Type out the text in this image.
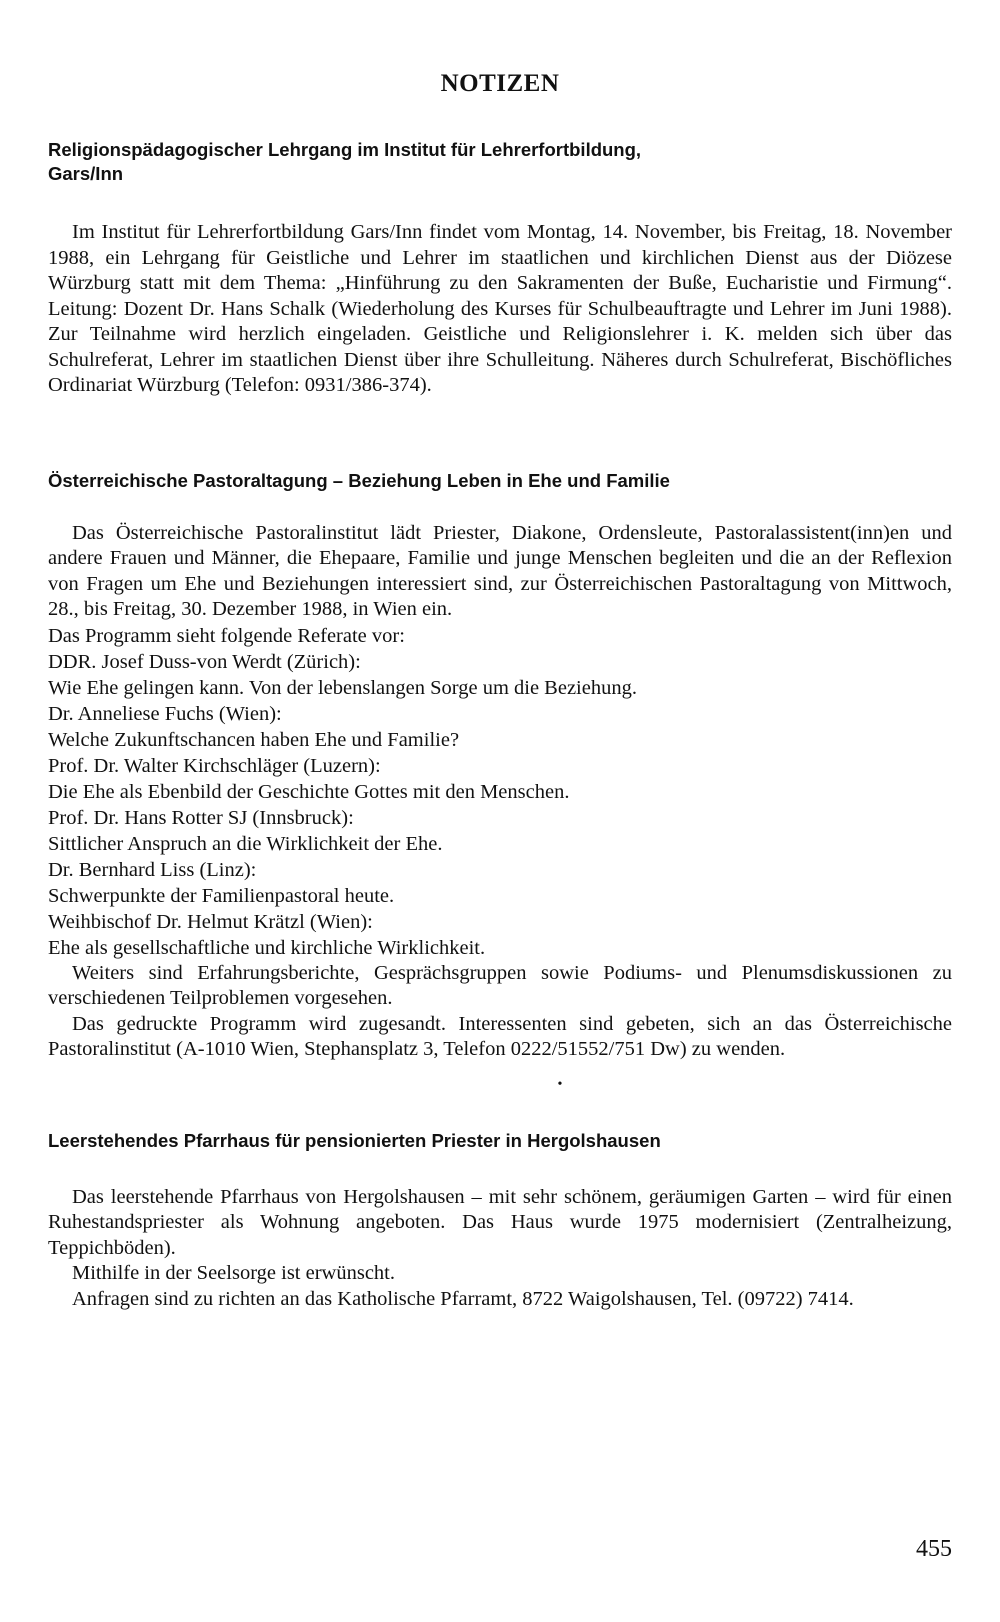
NOTIZEN
Religionspädagogischer Lehrgang im Institut für Lehrerfortbildung,
Gars/Inn

Im Institut für Lehrerfortbildung Gars/Inn findet vom Montag, 14. November, bis Freitag, 18. November 1988, ein Lehrgang für Geistliche und Lehrer im staatlichen und kirchlichen Dienst aus der Diözese Würzburg statt mit dem Thema: „Hinführung zu den Sakramenten der Buße, Eucharistie und Firmung“. Leitung: Dozent Dr. Hans Schalk (Wiederholung des Kurses für Schulbeauftragte und Lehrer im Juni 1988). Zur Teilnahme wird herzlich eingeladen. Geistliche und Religionslehrer i. K. melden sich über das Schulreferat, Lehrer im staatlichen Dienst über ihre Schulleitung. Näheres durch Schulreferat, Bischöfliches Ordinariat Würzburg (Telefon: 0931/386-374).

Österreichische Pastoraltagung – Beziehung Leben in Ehe und Familie

Das Österreichische Pastoralinstitut lädt Priester, Diakone, Ordensleute, Pastoralassistent(inn)en und andere Frauen und Männer, die Ehepaare, Familie und junge Menschen begleiten und die an der Reflexion von Fragen um Ehe und Beziehungen interessiert sind, zur Österreichischen Pastoraltagung von Mittwoch, 28., bis Freitag, 30. Dezember 1988, in Wien ein.

Das Programm sieht folgende Referate vor:

DDR. Josef Duss-von Werdt (Zürich):

Wie Ehe gelingen kann. Von der lebenslangen Sorge um die Beziehung.

Dr. Anneliese Fuchs (Wien):

Welche Zukunftschancen haben Ehe und Familie?

Prof. Dr. Walter Kirchschläger (Luzern):

Die Ehe als Ebenbild der Geschichte Gottes mit den Menschen.

Prof. Dr. Hans Rotter SJ (Innsbruck):

Sittlicher Anspruch an die Wirklichkeit der Ehe.

Dr. Bernhard Liss (Linz):

Schwerpunkte der Familienpastoral heute.

Weihbischof Dr. Helmut Krätzl (Wien):

Ehe als gesellschaftliche und kirchliche Wirklichkeit.

Weiters sind Erfahrungsberichte, Gesprächsgruppen sowie Podiums- und Plenumsdiskussionen zu verschiedenen Teilproblemen vorgesehen.

Das gedruckte Programm wird zugesandt. Interessenten sind gebeten, sich an das Österreichische Pastoralinstitut (A-1010 Wien, Stephansplatz 3, Telefon 0222/51552/751 Dw) zu wenden.

•

Leerstehendes Pfarrhaus für pensionierten Priester in Hergolshausen

Das leerstehende Pfarrhaus von Hergolshausen – mit sehr schönem, geräumigen Garten – wird für einen Ruhestandspriester als Wohnung angeboten. Das Haus wurde 1975 modernisiert (Zentralheizung, Teppichböden).

Mithilfe in der Seelsorge ist erwünscht.

Anfragen sind zu richten an das Katholische Pfarramt, 8722 Waigolshausen, Tel. (09722) 7414.

455
